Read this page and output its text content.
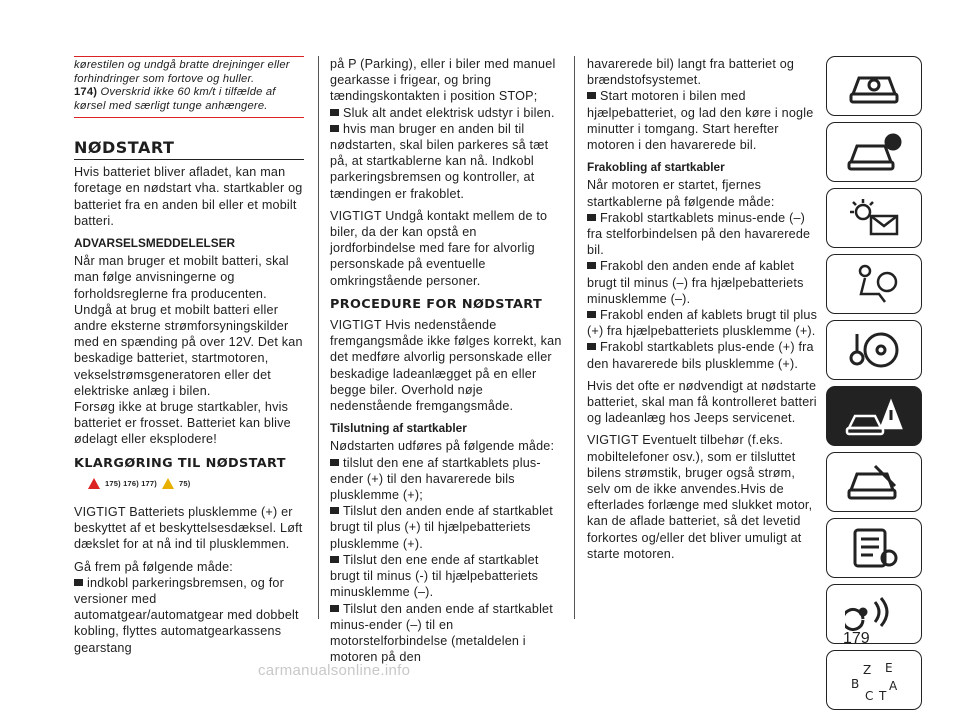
kørestilen og undgå bratte drejninger eller forhindringer som fortove og huller.
174) Overskrid ikke 60 km/t i tilfælde af kørsel med særligt tunge anhængere.
NØDSTART

Hvis batteriet bliver afladet, kan man foretage en nødstart vha. startkabler og batteriet fra en anden bil eller et mobilt batteri.

ADVARSELSMEDDELELSER
Når man bruger et mobilt batteri, skal man følge anvisningerne og forholdsreglerne fra producenten.
Undgå at brug et mobilt batteri eller andre eksterne strømforsyningskilder med en spænding på over 12V. Det kan beskadige batteriet, startmotoren, vekselstrømsgeneratoren eller det elektriske anlæg i bilen.

Forsøg ikke at bruge startkabler, hvis batteriet er frosset. Batteriet kan blive ødelagt eller eksplodere!

KLARGØRING TIL NØDSTART
175) 176) 177)	75)

VIGTIGT Batteriets plusklemme (+) er beskyttet af et beskyttelsesdæksel. Løft dækslet for at nå ind til plusklemmen.

Gå frem på følgende måde:
indkobl parkeringsbremsen, og for versioner med automatgear/automatgear med dobbelt kobling, flyttes automatgearkassens gearstang
på P (Parking), eller i biler med manuel gearkasse i frigear, og bring tændingskontakten i position STOP;
Sluk alt andet elektrisk udstyr i bilen.

hvis man bruger en anden bil til nødstarten, skal bilen parkeres så tæt på, at startkablerne kan nå. Indkobl parkeringsbremsen og kontroller, at tændingen er frakoblet.

VIGTIGT Undgå kontakt mellem de to biler, da der kan opstå en jordforbindelse med fare for alvorlig personskade på eventuelle omkringstående personer.

PROCEDURE FOR NØDSTART

VIGTIGT Hvis nedenstående fremgangsmåde ikke følges korrekt, kan det medføre alvorlig personskade eller beskadige ladeanlægget på en eller begge biler. Overhold nøje nedenstående fremgangsmåde.

Tilslutning af startkabler
Nødstarten udføres på følgende måde:
tilslut den ene af startkablets plus-ender (+) til den havarerede bils plusklemme (+);
Tilslut den anden ende af startkablet brugt til plus (+) til hjælpebatteriets plusklemme (+).
Tilslut den ene ende af startkablet brugt til minus (-) til hjælpebatteriets minusklemme (–).
Tilslut den anden ende af startkablet minus-ender (–) til en motorstelforbindelse (metaldelen i motoren på den
havarerede bil) langt fra batteriet og brændstofsystemet.

Start motoren i bilen med hjælpebatteriet, og lad den køre i nogle minutter i tomgang. Start herefter motoren i den havarerede bil.

Frakobling af startkabler
Når motoren er startet, fjernes startkablerne på følgende måde:
Frakobl startkablets minus-ende (–) fra stelforbindelsen på den havarerede bil.
Frakobl den anden ende af kablet brugt til minus (–) fra hjælpebatteriets minusklemme (–).
Frakobl enden af kablets brugt til plus (+) fra hjælpebatteriets plusklemme (+).

Frakobl startkablets plus-ende (+) fra den havarerede bils plusklemme (+).

Hvis det ofte er nødvendigt at nødstarte batteriet, skal man få kontrolleret batteri og ladeanlæg hos Jeeps servicenet.

VIGTIGT Eventuelt tilbehør (f.eks. mobiltelefoner osv.), som er tilsluttet bilens strømstik, bruger også strøm, selv om de ikke anvendes.Hvis de efterlades forlænge med slukket motor, kan de aflade batteriet, så det levetid forkortes og/eller det bliver umuligt at starte motoren.

Z E
B A
C T
179
carmanualsonline.info
